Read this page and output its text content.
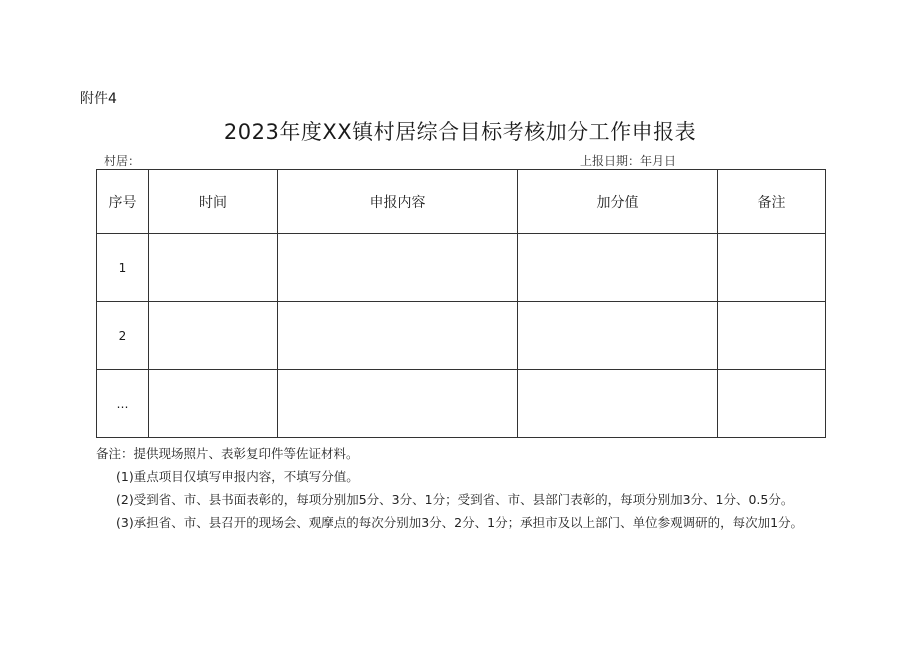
附件4
2023年度XX镇村居综合目标考核加分工作申报表
村居：	上报日期：年月日
序号	时间	申报内容	加分值	备注
1				
2				
…				

备注：提供现场照片、表彰复印件等佐证材料。

(1)重点项目仅填写申报内容，不填写分值。

(2)受到省、市、县书面表彰的，每项分别加5分、3分、1分；受到省、市、县部门表彰的，每项分别加3分、1分、0.5分。

(3)承担省、市、县召开的现场会、观摩点的每次分别加3分、2分、1分；承担市及以上部门、单位参观调研的，每次加1分。
